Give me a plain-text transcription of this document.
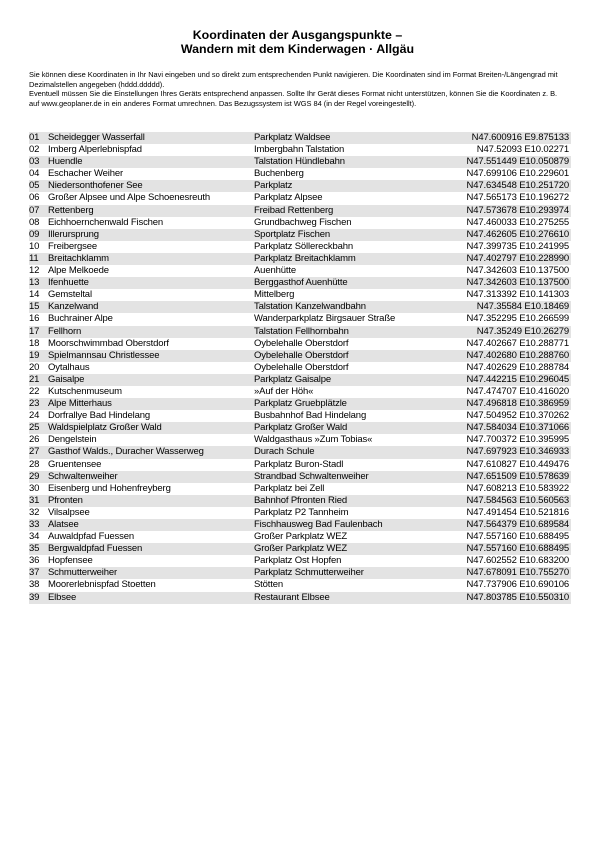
Koordinaten der Ausgangspunkte –
Wandern mit dem Kinderwagen · Allgäu

Sie können diese Koordinaten in Ihr Navi eingeben und so direkt zum entsprechenden Punkt navigieren. Die Koordinaten sind im Format Breiten-/Längengrad mit Dezimalstellen angegeben (hddd.ddddd).

Eventuell müssen Sie die Einstellungen Ihres Geräts entsprechend anpassen. Sollte Ihr Gerät dieses Format nicht unterstützen, können Sie die Koordinaten z. B. auf www.geoplaner.de in ein anderes Format umrechnen. Das Bezugssystem ist WGS 84 (in der Regel voreingestellt).

01	Scheidegger Wasserfall	Parkplatz Waldsee	N47.600916 E9.875133
02	Imberg Alperlebnispfad	Imbergbahn Talstation	N47.52093 E10.02271
03	Huendle	Talstation Hündlebahn	N47.551449 E10.050879
04	Eschacher Weiher	Buchenberg	N47.699106 E10.229601
05	Niedersonthofener See	Parkplatz	N47.634548 E10.251720
06	Großer Alpsee und Alpe Schoenesreuth	Parkplatz Alpsee	N47.565173 E10.196272
07	Rettenberg	Freibad Rettenberg	N47.573678 E10.293974
08	Eichhoernchenwald Fischen	Grundbachweg Fischen	N47.460033 E10.275255
09	Illerursprung	Sportplatz Fischen	N47.462605 E10.276610
10	Freibergsee	Parkplatz Söllereckbahn	N47.399735 E10.241995
11	Breitachklamm	Parkplatz Breitachklamm	N47.402797 E10.228990
12	Alpe Melkoede	Auenhütte	N47.342603 E10.137500
13	Ifenhuette	Berggasthof Auenhütte	N47.342603 E10.137500
14	Gemsteltal	Mittelberg	N47.313392 E10.141303
15	Kanzelwand	Talstation Kanzelwandbahn	N47.35584 E10.18469
16	Buchrainer Alpe	Wanderparkplatz Birgsauer Straße	N47.352295 E10.266599
17	Fellhorn	Talstation Fellhornbahn	N47.35249 E10.26279
18	Moorschwimmbad Oberstdorf	Oybelehalle Oberstdorf	N47.402667 E10.288771
19	Spielmannsau Christlessee	Oybelehalle Oberstdorf	N47.402680 E10.288760
20	Oytalhaus	Oybelehalle Oberstdorf	N47.402629 E10.288784
21	Gaisalpe	Parkplatz Gaisalpe	N47.442215 E10.296045
22	Kutschenmuseum	»Auf der Höh«	N47.474707 E10.416020
23	Alpe Mitterhaus	Parkplatz Gruebplätzle	N47.496818 E10.386959
24	Dorfrallye Bad Hindelang	Busbahnhof Bad Hindelang	N47.504952 E10.370262
25	Waldspielplatz Großer Wald	Parkplatz Großer Wald	N47.584034 E10.371066
26	Dengelstein	Waldgasthaus »Zum Tobias«	N47.700372 E10.395995
27	Gasthof Walds., Duracher Wasserweg	Durach Schule	N47.697923 E10.346933
28	Gruentensee	Parkplatz Buron-Stadl	N47.610827 E10.449476
29	Schwaltenweiher	Strandbad Schwaltenweiher	N47.651509 E10.578639
30	Eisenberg und Hohenfreyberg	Parkplatz bei Zell	N47.608213 E10.583922
31	Pfronten	Bahnhof Pfronten Ried	N47.584563 E10.560563
32	Vilsalpsee	Parkplatz P2 Tannheim	N47.491454 E10.521816
33	Alatsee	Fischhausweg Bad Faulenbach	N47.564379 E10.689584
34	Auwaldpfad Fuessen	Großer Parkplatz WEZ	N47.557160 E10.688495
35	Bergwaldpfad Fuessen	Großer Parkplatz WEZ	N47.557160 E10.688495
36	Hopfensee	Parkplatz Ost Hopfen	N47.602552 E10.683200
37	Schmutterweiher	Parkplatz Schmutterweiher	N47.678091 E10.755270
38	Moorerlebnispfad Stoetten	Stötten	N47.737906 E10.690106
39	Elbsee	Restaurant Elbsee	N47.803785 E10.550310
